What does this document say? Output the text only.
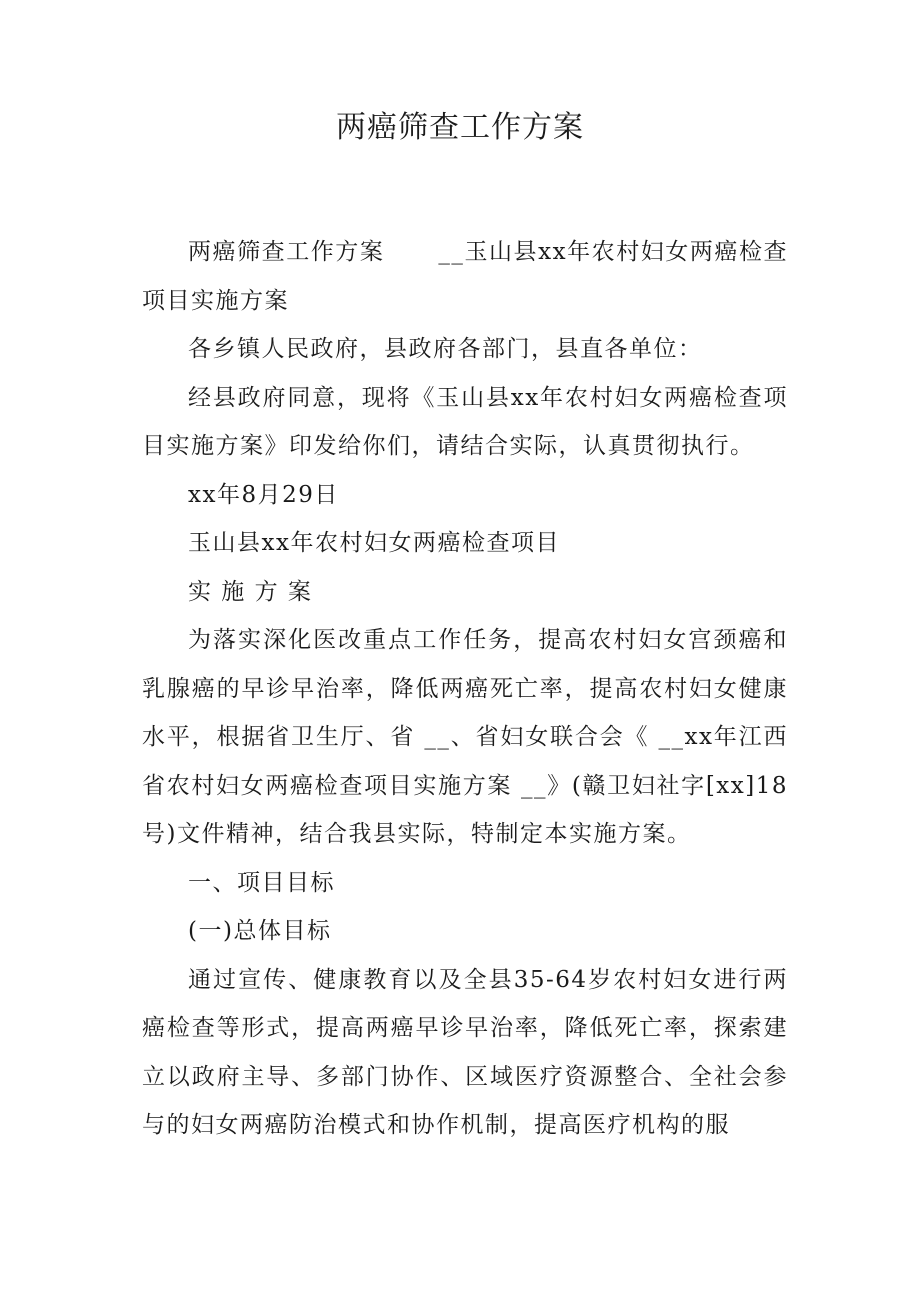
两癌筛查工作方案

两癌筛查工作方案 __玉山县xx年农村妇女两癌检查项目实施方案

各乡镇人民政府，县政府各部门，县直各单位：

经县政府同意，现将《玉山县xx年农村妇女两癌检查项目实施方案》印发给你们，请结合实际，认真贯彻执行。

xx年8月29日

玉山县xx年农村妇女两癌检查项目

实 施 方 案

为落实深化医改重点工作任务，提高农村妇女宫颈癌和乳腺癌的早诊早治率，降低两癌死亡率，提高农村妇女健康水平，根据省卫生厅、省 __、省妇女联合会《 __xx年江西省农村妇女两癌检查项目实施方案 __》(赣卫妇社字[xx]18号)文件精神，结合我县实际，特制定本实施方案。

一、项目目标

(一)总体目标

通过宣传、健康教育以及全县35-64岁农村妇女进行两癌检查等形式，提高两癌早诊早治率，降低死亡率，探索建立以政府主导、多部门协作、区域医疗资源整合、全社会参与的妇女两癌防治模式和协作机制，提高医疗机构的服
